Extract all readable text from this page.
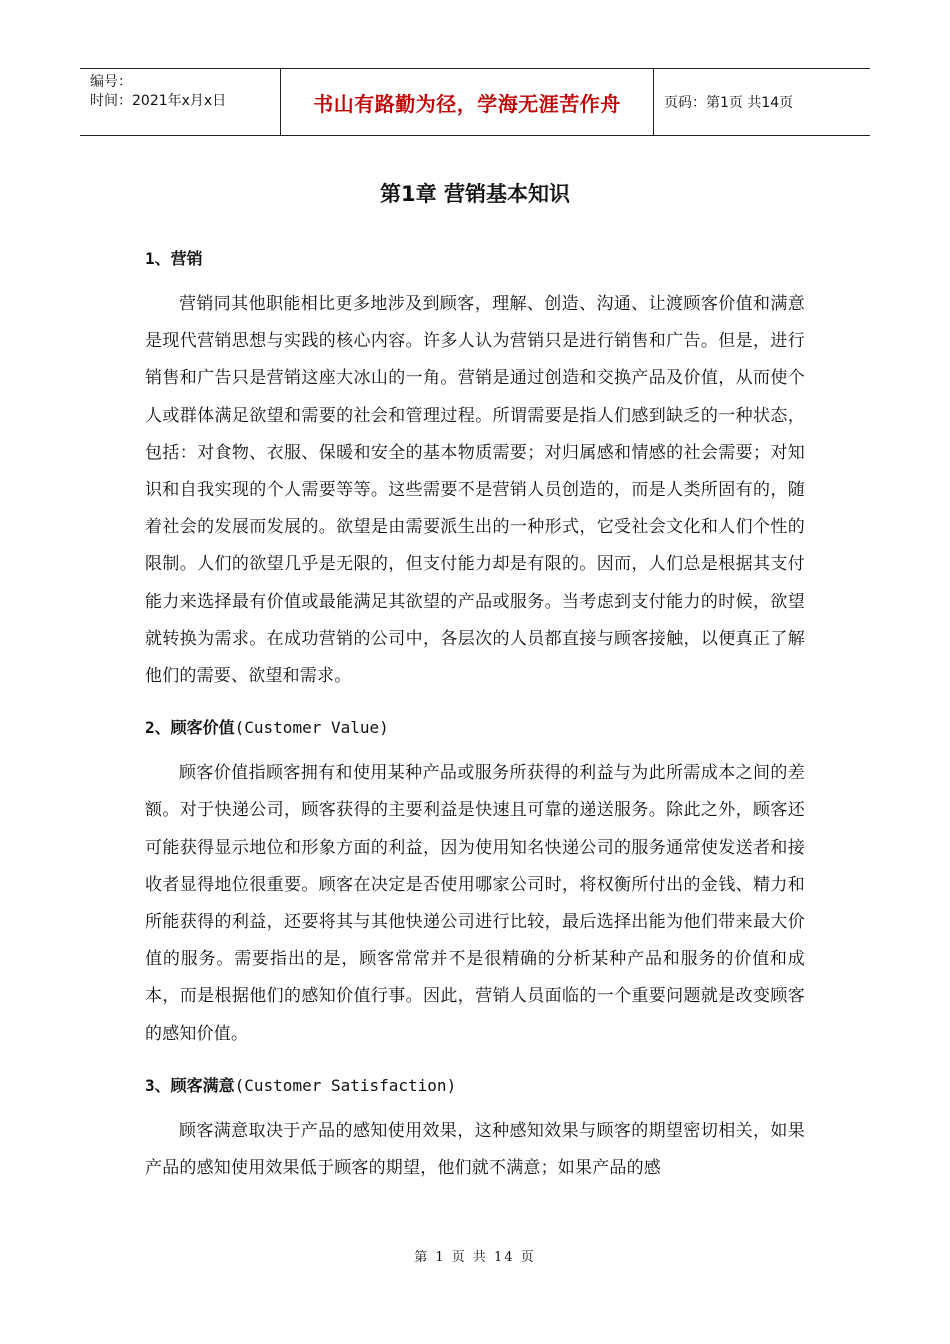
编号：
时间：2021年x月x日	书山有路勤为径，学海无涯苦作舟	页码：第1页 共14页
第1章 营销基本知识
1、营销

营销同其他职能相比更多地涉及到顾客，理解、创造、沟通、让渡顾客价值和满意是现代营销思想与实践的核心内容。许多人认为营销只是进行销售和广告。但是，进行销售和广告只是营销这座大冰山的一角。营销是通过创造和交换产品及价值，从而使个人或群体满足欲望和需要的社会和管理过程。所谓需要是指人们感到缺乏的一种状态，包括：对食物、衣服、保暖和安全的基本物质需要；对归属感和情感的社会需要；对知识和自我实现的个人需要等等。这些需要不是营销人员创造的，而是人类所固有的，随着社会的发展而发展的。欲望是由需要派生出的一种形式，它受社会文化和人们个性的限制。人们的欲望几乎是无限的，但支付能力却是有限的。因而，人们总是根据其支付能力来选择最有价值或最能满足其欲望的产品或服务。当考虑到支付能力的时候，欲望就转换为需求。在成功营销的公司中，各层次的人员都直接与顾客接触，以便真正了解他们的需要、欲望和需求。

2、顾客价值(Customer Value)

顾客价值指顾客拥有和使用某种产品或服务所获得的利益与为此所需成本之间的差额。对于快递公司，顾客获得的主要利益是快速且可靠的递送服务。除此之外，顾客还可能获得显示地位和形象方面的利益，因为使用知名快递公司的服务通常使发送者和接收者显得地位很重要。顾客在决定是否使用哪家公司时，将权衡所付出的金钱、精力和所能获得的利益，还要将其与其他快递公司进行比较，最后选择出能为他们带来最大价值的服务。需要指出的是，顾客常常并不是很精确的分析某种产品和服务的价值和成本，而是根据他们的感知价值行事。因此，营销人员面临的一个重要问题就是改变顾客的感知价值。

3、顾客满意(Customer Satisfaction)

顾客满意取决于产品的感知使用效果，这种感知效果与顾客的期望密切相关，如果产品的感知使用效果低于顾客的期望，他们就不满意；如果产品的感

第 1 页 共 14 页
